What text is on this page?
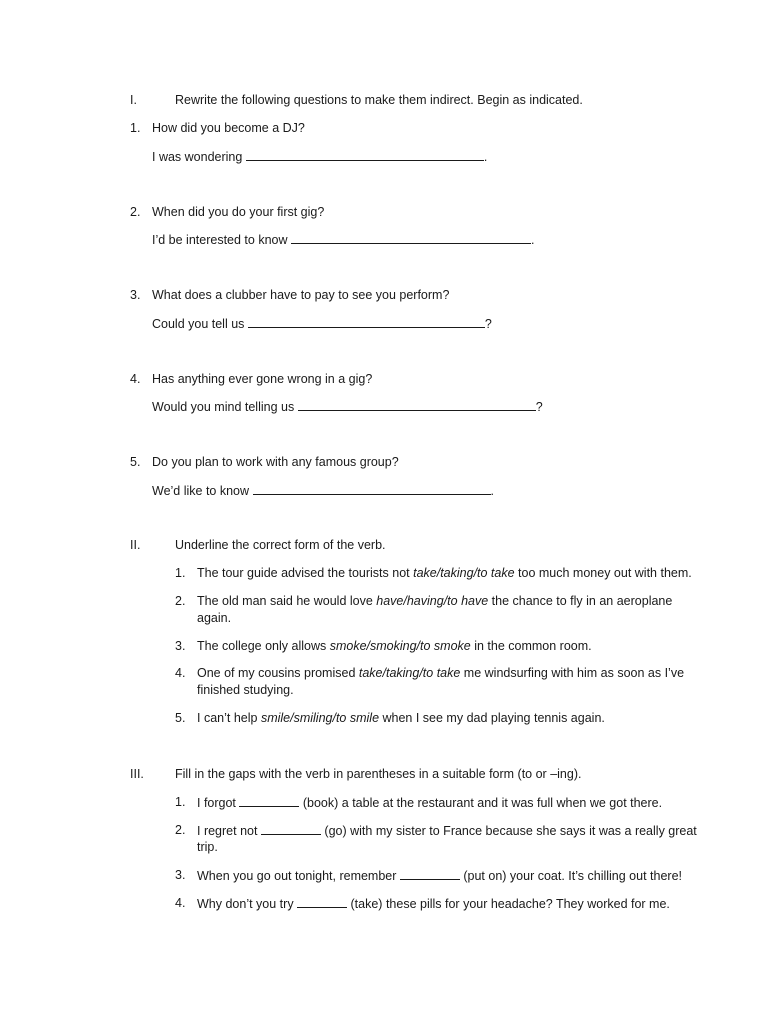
I.	Rewrite the following questions to make them indirect. Begin as indicated.
1. How did you become a DJ?
I was wondering	.
2. When did you do your first gig?
I’d be interested to know	.
3. What does a clubber have to pay to see you perform?
Could you tell us	?
4. Has anything ever gone wrong in a gig?
Would you mind telling us	?
5. Do you plan to work with any famous group?
We’d like to know	.
II.	Underline the correct form of the verb.
1. The tour guide advised the tourists not take/taking/to take too much money out with them.
2. The old man said he would love have/having/to have the chance to fly in an aeroplane
again.
3. The college only allows smoke/smoking/to smoke in the common room.
4. One of my cousins promised take/taking/to take me windsurfing with him as soon as I’ve
finished studying.
5. I can’t help smile/smiling/to smile when I see my dad playing tennis again.
III. Fill in the gaps with the verb in parentheses in a suitable form (to or –ing).
1. I forgot	(book) a table at the restaurant and it was full when we got there.
2. I regret not	(go) with my sister to France because she says it was a really great
trip.
3. When you go out tonight, remember	(put on) your coat. It’s chilling out there!
4. Why don’t you try	(take) these pills for your headache? They worked for me.
